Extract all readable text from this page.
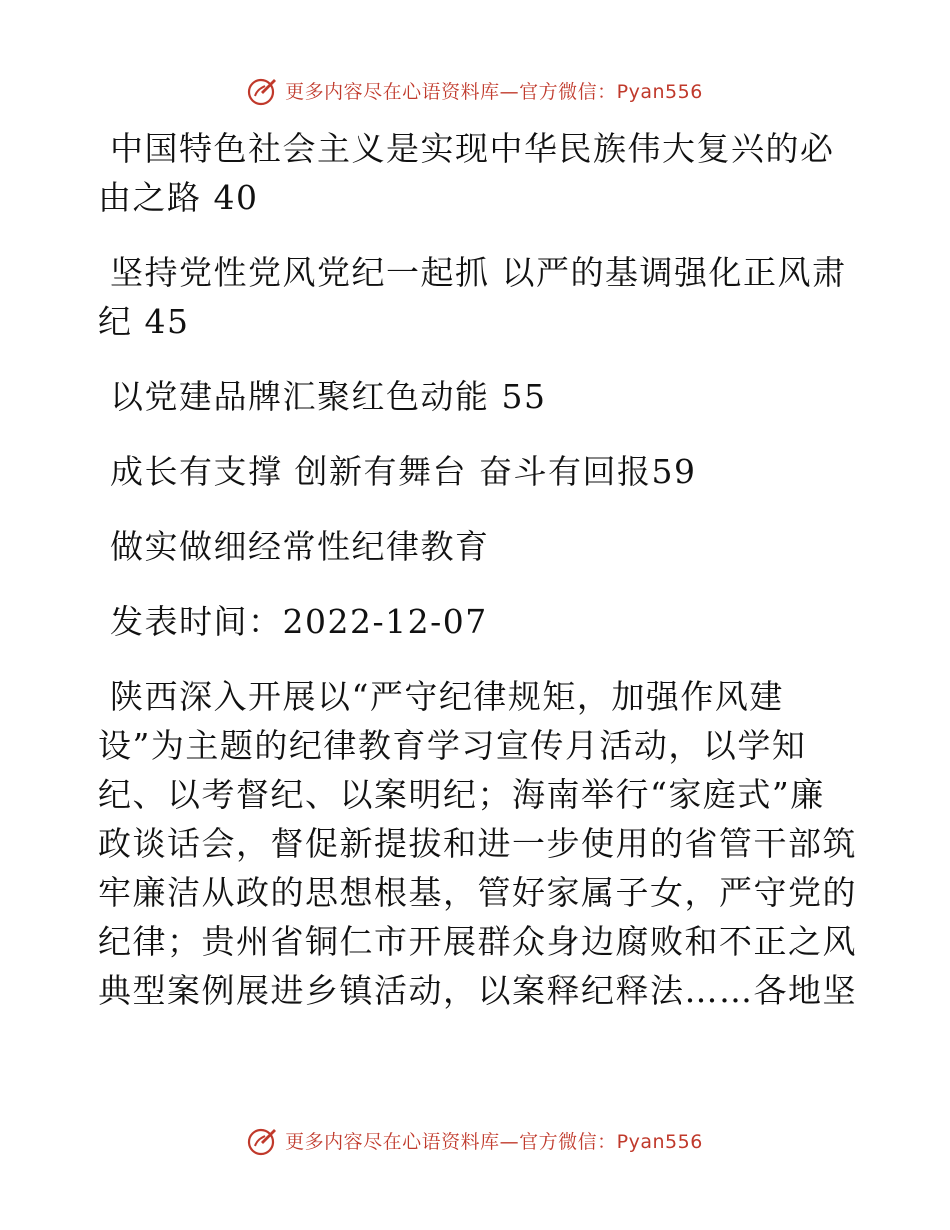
更多内容尽在心语资料库—官方微信：Pyan556

中国特色社会主义是实现中华民族伟大复兴的必

由之路 40

坚持党性党风党纪一起抓 以严的基调强化正风肃

纪 45

以党建品牌汇聚红色动能 55

成长有支撑 创新有舞台 奋斗有回报59

做实做细经常性纪律教育

发表时间：2022-12-07

陕西深入开展以“严守纪律规矩，加强作风建

设”为主题的纪律教育学习宣传月活动，以学知

纪、以考督纪、以案明纪；海南举行“家庭式”廉

政谈话会，督促新提拔和进一步使用的省管干部筑

牢廉洁从政的思想根基，管好家属子女，严守党的

纪律；贵州省铜仁市开展群众身边腐败和不正之风

典型案例展进乡镇活动，以案释纪释法……各地坚

更多内容尽在心语资料库—官方微信：Pyan556
